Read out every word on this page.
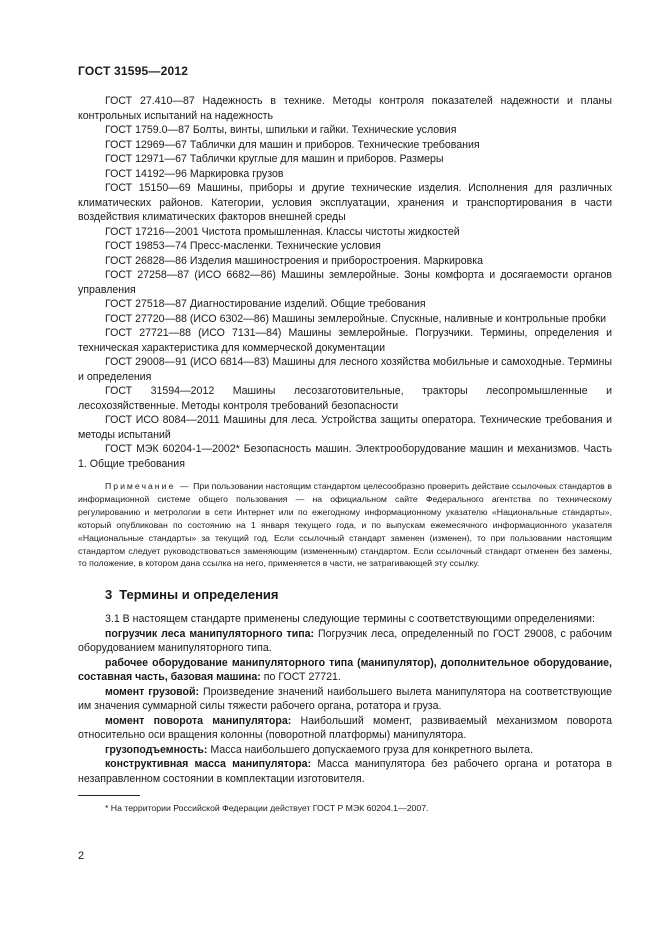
ГОСТ 31595—2012

ГОСТ 27.410—87 Надежность в технике. Методы контроля показателей надежности и планы контрольных испытаний на надежность

ГОСТ 1759.0—87 Болты, винты, шпильки и гайки. Технические условия

ГОСТ 12969—67 Таблички для машин и приборов. Технические требования

ГОСТ 12971—67 Таблички круглые для машин и приборов. Размеры

ГОСТ 14192—96 Маркировка грузов

ГОСТ 15150—69 Машины, приборы и другие технические изделия. Исполнения для различных климатических районов. Категории, условия эксплуатации, хранения и транспортирования в части воздействия климатических факторов внешней среды

ГОСТ 17216—2001 Чистота промышленная. Классы чистоты жидкостей

ГОСТ 19853—74 Пресс-масленки. Технические условия

ГОСТ 26828—86 Изделия машиностроения и приборостроения. Маркировка

ГОСТ 27258—87 (ИСО 6682—86) Машины землеройные. Зоны комфорта и досягаемости органов управления

ГОСТ 27518—87 Диагностирование изделий. Общие требования

ГОСТ 27720—88 (ИСО 6302—86) Машины землеройные. Спускные, наливные и контрольные пробки

ГОСТ 27721—88 (ИСО 7131—84) Машины землеройные. Погрузчики. Термины, определения и техническая характеристика для коммерческой документации

ГОСТ 29008—91 (ИСО 6814—83) Машины для лесного хозяйства мобильные и самоходные. Термины и определения

ГОСТ 31594—2012 Машины лесозаготовительные, тракторы лесопромышленные и лесохозяйственные. Методы контроля требований безопасности

ГОСТ ИСО 8084—2011 Машины для леса. Устройства защиты оператора. Технические требования и методы испытаний

ГОСТ МЭК 60204-1—2002* Безопасность машин. Электрооборудование машин и механизмов. Часть 1. Общие требования

Примечание — При пользовании настоящим стандартом целесообразно проверить действие ссылочных стандартов в информационной системе общего пользования — на официальном сайте Федерального агентства по техническому регулированию и метрологии в сети Интернет или по ежегодному информационному указателю «Национальные стандарты», который опубликован по состоянию на 1 января текущего года, и по выпускам ежемесячного информационного указателя «Национальные стандарты» за текущий год. Если ссылочный стандарт заменен (изменен), то при пользовании настоящим стандартом следует руководствоваться заменяющим (измененным) стандартом. Если ссылочный стандарт отменен без замены, то положение, в котором дана ссылка на него, применяется в части, не затрагивающей эту ссылку.

3 Термины и определения

3.1 В настоящем стандарте применены следующие термины с соответствующими определениями:

погрузчик леса манипуляторного типа: Погрузчик леса, определенный по ГОСТ 29008, с рабочим оборудованием манипуляторного типа.

рабочее оборудование манипуляторного типа (манипулятор), дополнительное оборудование, составная часть, базовая машина: по ГОСТ 27721.

момент грузовой: Произведение значений наибольшего вылета манипулятора на соответствующие им значения суммарной силы тяжести рабочего органа, ротатора и груза.

момент поворота манипулятора: Наибольший момент, развиваемый механизмом поворота относительно оси вращения колонны (поворотной платформы) манипулятора.

грузоподъемность: Масса наибольшего допускаемого груза для конкретного вылета.

конструктивная масса манипулятора: Масса манипулятора без рабочего органа и ротатора в незаправленном состоянии в комплектации изготовителя.

* На территории Российской Федерации действует ГОСТ Р МЭК 60204.1—2007.
2
